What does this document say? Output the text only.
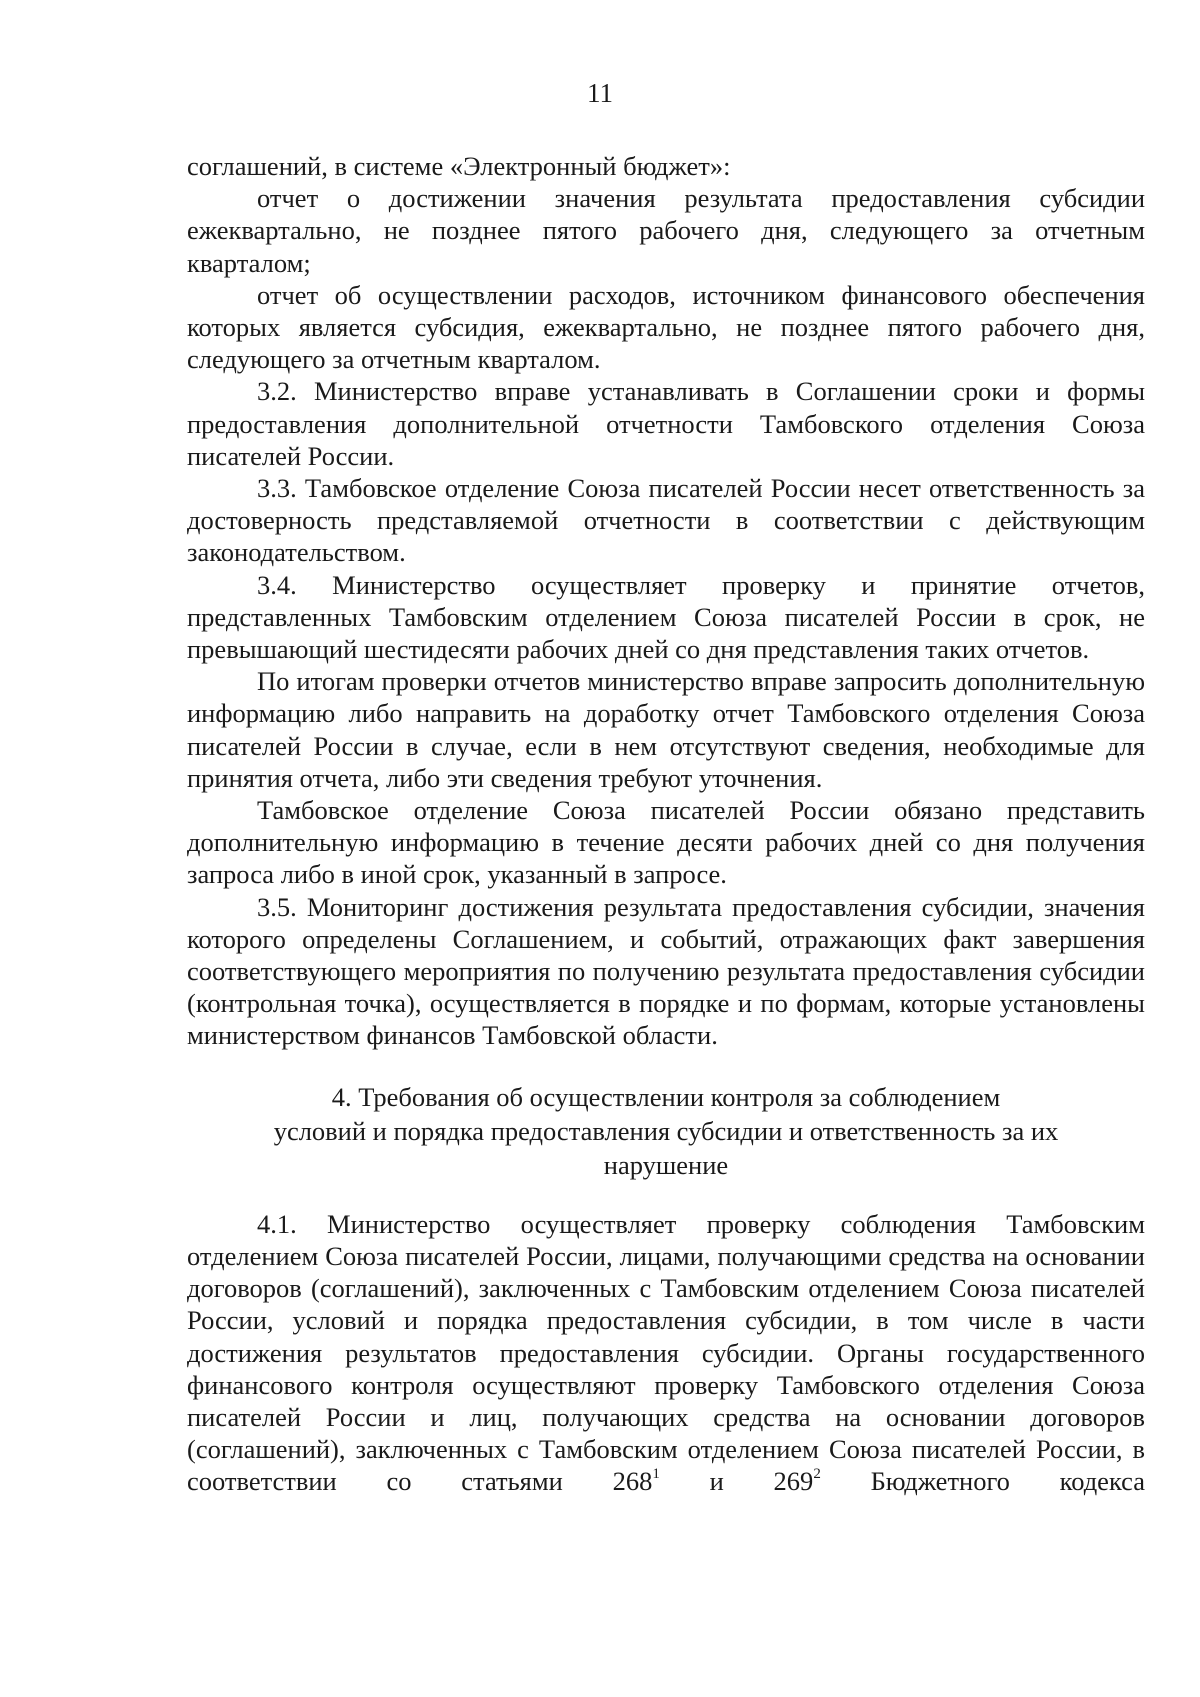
11

соглашений, в системе «Электронный бюджет»:

отчет о достижении значения результата предоставления субсидии ежеквартально, не позднее пятого рабочего дня, следующего за отчетным кварталом;

отчет об осуществлении расходов, источником финансового обеспечения которых является субсидия, ежеквартально, не позднее пятого рабочего дня, следующего за отчетным кварталом.

3.2. Министерство вправе устанавливать в Соглашении сроки и формы предоставления дополнительной отчетности Тамбовского отделения Союза писателей России.

3.3. Тамбовское отделение Союза писателей России несет ответственность за достоверность представляемой отчетности в соответствии с действующим законодательством.

3.4. Министерство осуществляет проверку и принятие отчетов, представленных Тамбовским отделением Союза писателей России в срок, не превышающий шестидесяти рабочих дней со дня представления таких отчетов.

По итогам проверки отчетов министерство вправе запросить дополнительную информацию либо направить на доработку отчет Тамбовского отделения Союза писателей России в случае, если в нем отсутствуют сведения, необходимые для принятия отчета, либо эти сведения требуют уточнения.

Тамбовское отделение Союза писателей России обязано представить дополнительную информацию в течение десяти рабочих дней со дня получения запроса либо в иной срок, указанный в запросе.

3.5. Мониторинг достижения результата предоставления субсидии, значения которого определены Соглашением, и событий, отражающих факт завершения соответствующего мероприятия по получению результата предоставления субсидии (контрольная точка), осуществляется в порядке и по формам, которые установлены министерством финансов Тамбовской области.

4. Требования об осуществлении контроля за соблюдением
условий и порядка предоставления субсидии и ответственность за их
нарушение

4.1. Министерство осуществляет проверку соблюдения Тамбовским отделением Союза писателей России, лицами, получающими средства на основании договоров (соглашений), заключенных с Тамбовским отделением Союза писателей России, условий и порядка предоставления субсидии, в том числе в части достижения результатов предоставления субсидии. Органы государственного финансового контроля осуществляют проверку Тамбовского отделения Союза писателей России и лиц, получающих средства на основании договоров (соглашений), заключенных с Тамбовским отделением Союза писателей России, в соответствии со статьями $268^1$ и $269^2$ Бюджетного кодекса
